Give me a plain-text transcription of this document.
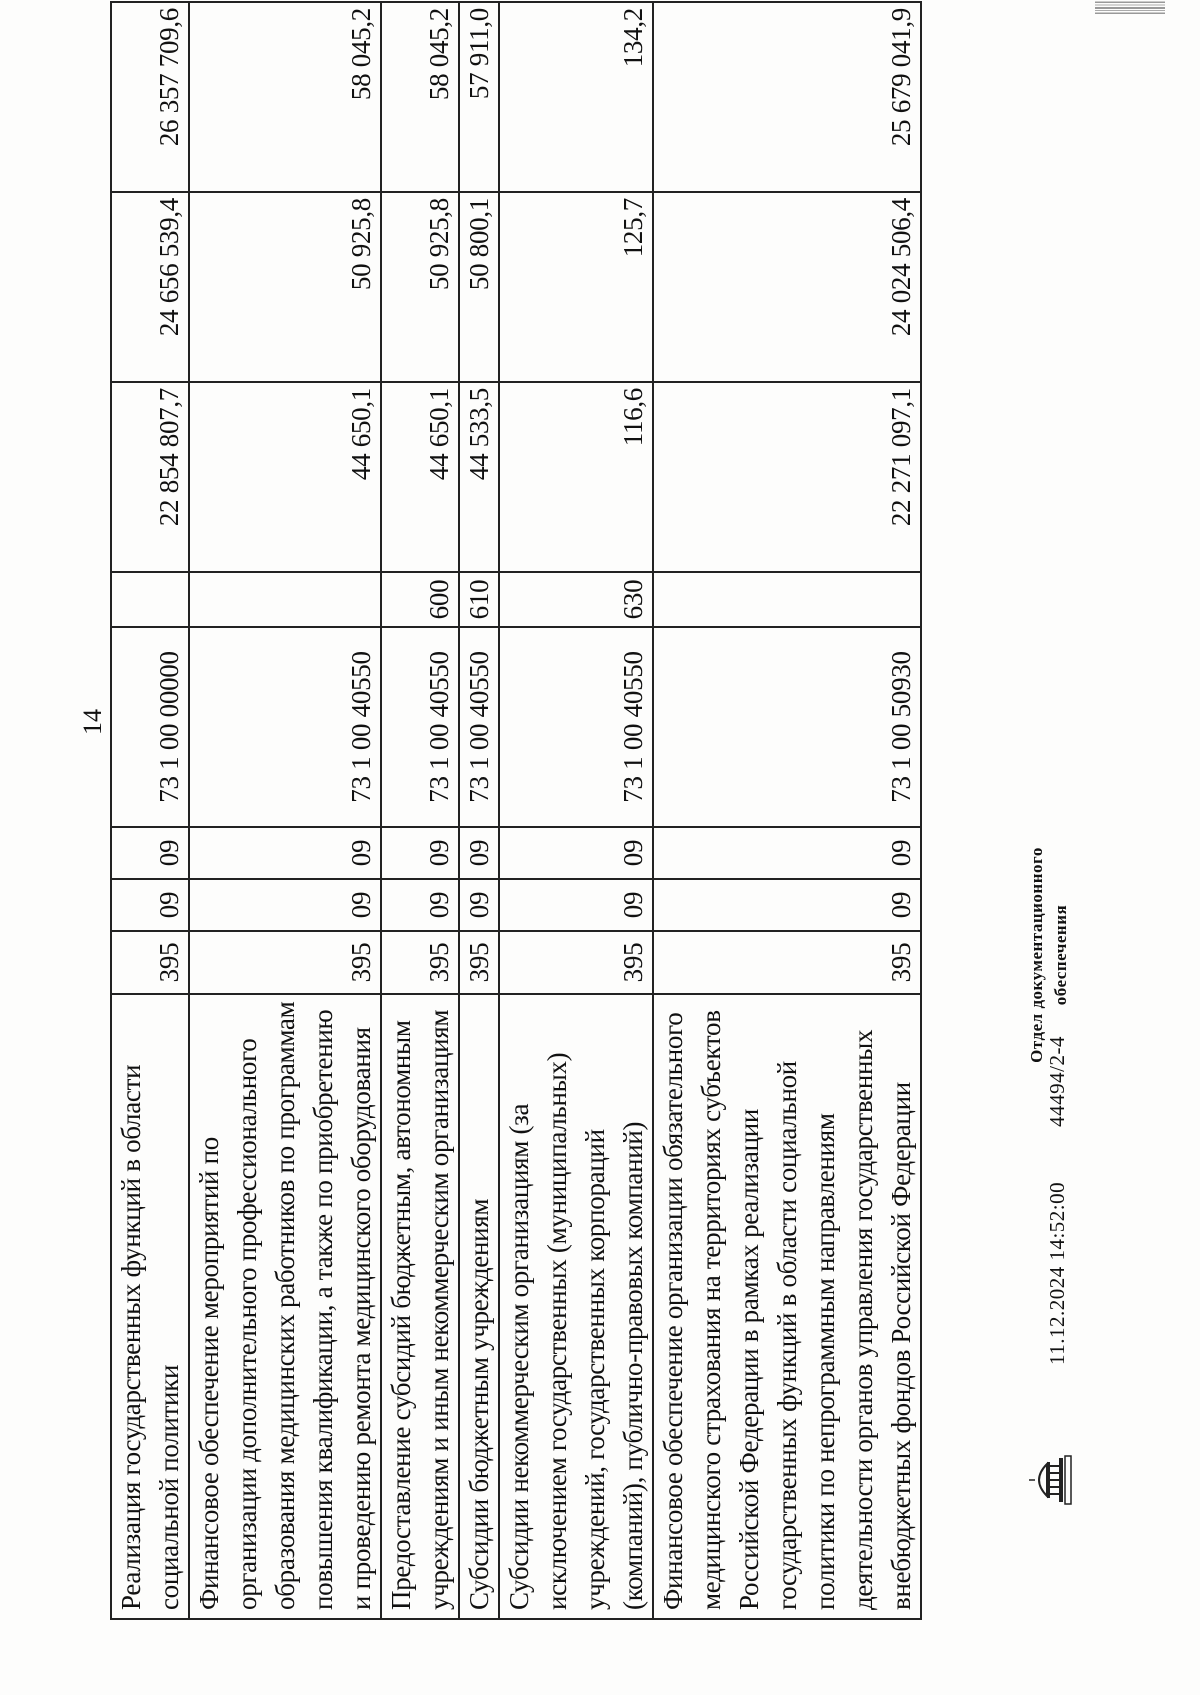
14
Реализация государственных функций в области социальной политики	395	09	09	73 1 00 00000		22 854 807,7	24 656 539,4	26 357 709,6
Финансовое обеспечение мероприятий по организации дополнительного профессионального образования медицинских работников по программам повышения квалификации, а также по приобретению и проведению ремонта медицинского оборудования	395	09	09	73 1 00 40550		44 650,1	50 925,8	58 045,2
Предоставление субсидий бюджетным, автономным учреждениям и иным некоммерческим организациям	395	09	09	73 1 00 40550	600	44 650,1	50 925,8	58 045,2
Субсидии бюджетным учреждениям	395	09	09	73 1 00 40550	610	44 533,5	50 800,1	57 911,0
Субсидии некоммерческим организациям (за исключением государственных (муниципальных) учреждений, государственных корпораций (компаний), публично-правовых компаний)	395	09	09	73 1 00 40550	630	116,6	125,7	134,2
Финансовое обеспечение организации обязательного медицинского страхования на территориях субъектов Российской Федерации в рамках реализации государственных функций в области социальной политики по непрограммным направлениям деятельности органов управления государственных внебюджетных фондов Российской Федерации	395	09	09	73 1 00 50930		22 271 097,1	24 024 506,4	25 679 041,9
11.12.2024 14:52:0044494/2-4
Отдел документационного обеспечения
